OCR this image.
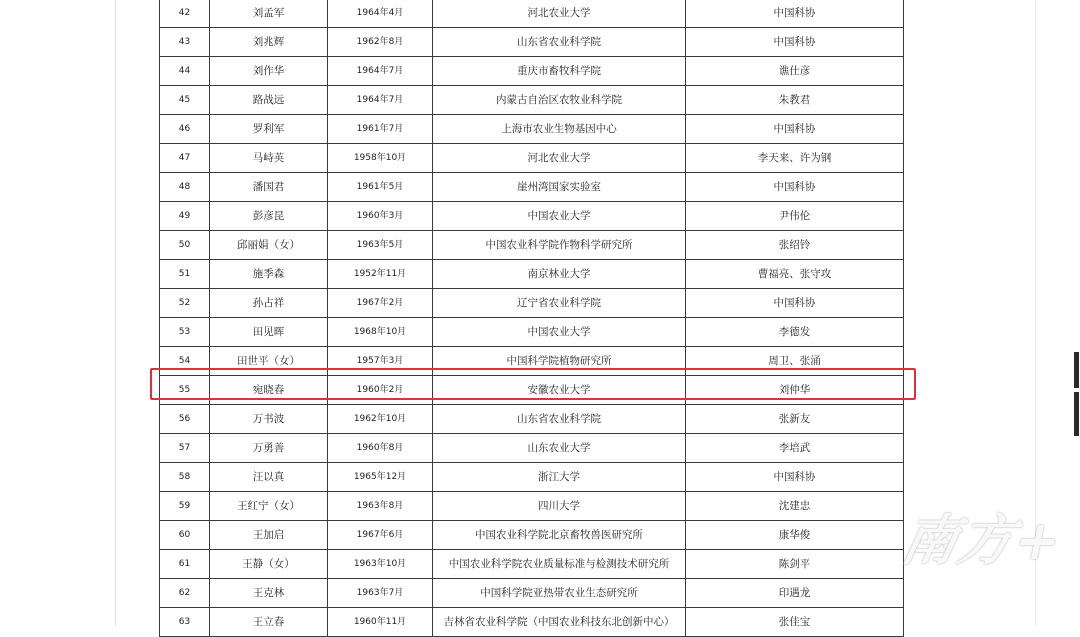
42	刘孟军	1964年4月	河北农业大学	中国科协
43	刘兆辉	1962年8月	山东省农业科学院	中国科协
44	刘作华	1964年7月	重庆市畜牧科学院	谯仕彦
45	路战远	1964年7月	内蒙古自治区农牧业科学院	朱教君
46	罗利军	1961年7月	上海市农业生物基因中心	中国科协
47	马峙英	1958年10月	河北农业大学	李天来、许为钢
48	潘国君	1961年5月	崖州湾国家实验室	中国科协
49	彭彦昆	1960年3月	中国农业大学	尹伟伦
50	邱丽娟（女）	1963年5月	中国农业科学院作物科学研究所	张绍铃
51	施季森	1952年11月	南京林业大学	曹福亮、张守攻
52	孙占祥	1967年2月	辽宁省农业科学院	中国科协
53	田见晖	1968年10月	中国农业大学	李德发
54	田世平（女）	1957年3月	中国科学院植物研究所	周卫、张涌
55	宛晓春	1960年2月	安徽农业大学	刘仲华
56	万书波	1962年10月	山东省农业科学院	张新友
57	万勇善	1960年8月	山东农业大学	李培武
58	汪以真	1965年12月	浙江大学	中国科协
59	王红宁（女）	1963年8月	四川大学	沈建忠
60	王加启	1967年6月	中国农业科学院北京畜牧兽医研究所	康华俊
61	王静（女）	1963年10月	中国农业科学院农业质量标准与检测技术研究所	陈剑平
62	王克林	1963年7月	中国科学院亚热带农业生态研究所	印遇龙
63	王立春	1960年11月	吉林省农业科学院（中国农业科技东北创新中心）	张佳宝
南方+
